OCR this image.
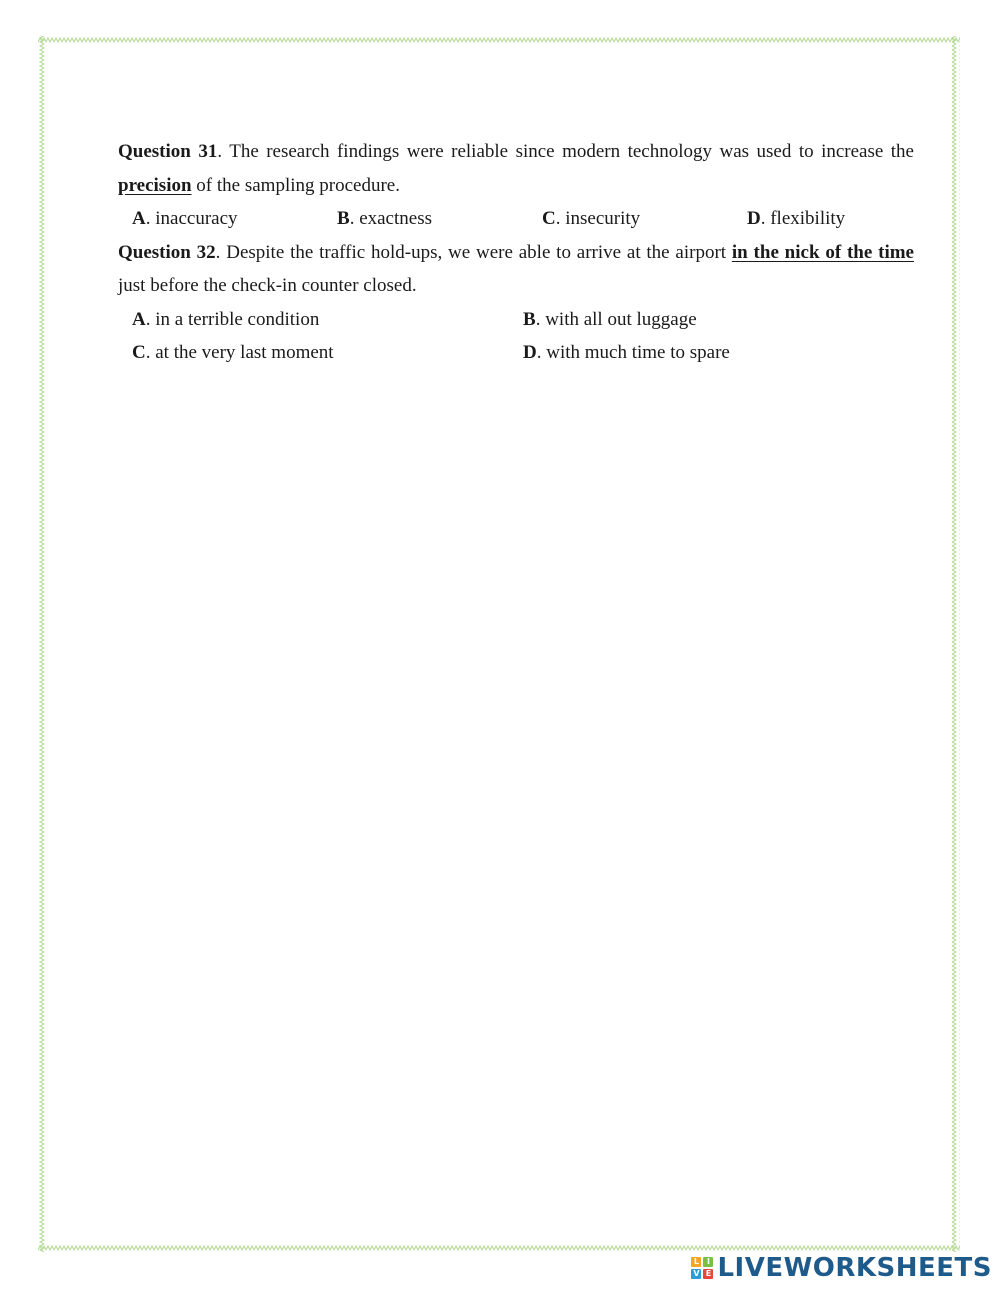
Question 31. The research findings were reliable since modern technology was used to increase the precision of the sampling procedure.

A. inaccuracy	B. exactness	C. insecurity	D. flexibility

Question 32. Despite the traffic hold-ups, we were able to arrive at the airport in the nick of the time just before the check-in counter closed.

A. in a terrible condition	B. with all out luggage
C. at the very last moment	D. with much time to spare
L I
V E LIVEWORKSHEETS
